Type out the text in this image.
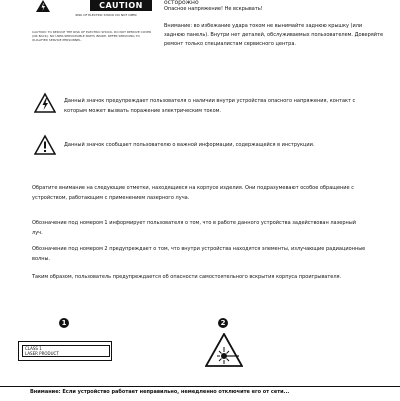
CAUTION
RISK OF ELECTRIC SHOCK DO NOT OPEN
CAUTION: TO REDUCE THE RISK OF ELECTRIC SHOCK, DO NOT REMOVE COVER (OR BACK). NO USER-SERVICEABLE PARTS INSIDE. REFER SERVICING TO QUALIFIED SERVICE PERSONNEL.
осторожно
Опасное напряжение! Не вскрывать!
Внимание: во избежание удара током не вынимайте заднюю крышку (или заднюю панель). Внутри нет деталей, обслуживаемых пользователем. Доверяйте ремонт только специалистам сервисного центра.
Данный значок предупреждает пользователя о наличии внутри устройства опасного напряжения, контакт с которым может вызвать поражение электрическим током.
Данный значок сообщает пользователю о важной информации, содержащейся в инструкции.
Обратите внимание на следующие отметки, находящиеся на корпусе изделия. Они подразумевают особое обращение с устройством, работающим с применением лазерного луча.
Обозначение под номером 1 информирует пользователя о том, что в работе данного устройства задействован лазерный луч.
Обозначение под номером 2 предупреждает о том, что внутри устройства находятся элементы, излучающие радиационные волны.
Таким образом, пользователь предупреждается об опасности самостоятельного вскрытия корпуса проигрывателя.
1	2
CLASS 1
LASER PRODUCT
Внимание: Если устройство работает неправильно, немедленно отключите его от сети...
